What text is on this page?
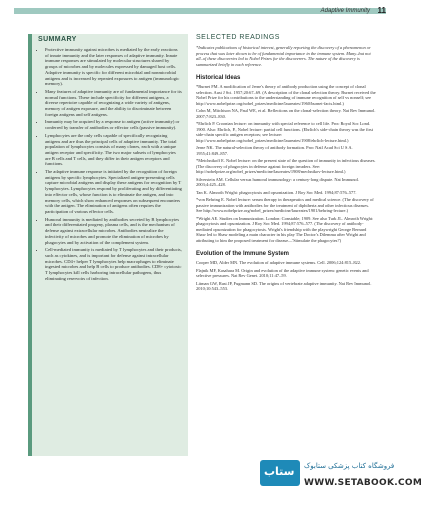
Adaptive Immunity 11
SUMMARY
• Protective immunity against microbes is mediated by the early reactions of innate immunity and the later responses of adaptive immunity. Innate immune responses are stimulated by molecular structures shared by groups of microbes and by molecules expressed by damaged host cells. Adaptive immunity is specific for different microbial and nonmicrobial antigens and is increased by repeated exposures to antigen (immunologic memory).
• Many features of adaptive immunity are of fundamental importance for its normal functions. These include specificity for different antigens, a diverse repertoire capable of recognizing a wide variety of antigens, memory of antigen exposure, and the ability to discriminate between foreign antigens and self antigens.
• Immunity may be acquired by a response to antigen (active immunity) or conferred by transfer of antibodies or effector cells (passive immunity).
• Lymphocytes are the only cells capable of specifically recognizing antigens and are thus the principal cells of adaptive immunity. The total population of lymphocytes consists of many clones, each with a unique antigen receptor and specificity. The two major subsets of lymphocytes are B cells and T cells, and they differ in their antigen receptors and functions.
• The adaptive immune response is initiated by the recognition of foreign antigens by specific lymphocytes. Specialized antigen-presenting cells capture microbial antigens and display these antigens for recognition by T lymphocytes. Lymphocytes respond by proliferating and by differentiating into effector cells, whose function is to eliminate the antigen, and into memory cells, which show enhanced responses on subsequent encounters with the antigen. The elimination of antigens often requires the participation of various effector cells.
• Humoral immunity is mediated by antibodies secreted by B lymphocytes and their differentiated progeny, plasma cells, and is the mechanism of defense against extracellular microbes. Antibodies neutralize the infectivity of microbes and promote the elimination of microbes by phagocytes and by activation of the complement system.
• Cell-mediated immunity is mediated by T lymphocytes and their products, such as cytokines, and is important for defense against intracellular microbes. CD4+ helper T lymphocytes help macrophages to eliminate ingested microbes and help B cells to produce antibodies. CD8+ cytotoxic T lymphocytes kill cells harboring intracellular pathogens, thus eliminating reservoirs of infection.
SELECTED READINGS

*Indicates publications of historical interest, generally reporting the discovery of a phenomenon or process that was later shown to be of fundamental importance in the immune system. Many–but not all–of these discoveries led to Nobel Prizes for the discoverers. The nature of the discovery is summarized briefly in each reference.

Historical Ideas

*Burnet FM. A modification of Jerne's theory of antibody production using the concept of clonal selection. Aust J Sci. 1957;20:67–69. (A description of the clonal selection theory. Burnet received the Nobel Prize for his contributions to the understanding of immune recognition of self vs nonself; see http://www.nobelprize.org/nobel_prizes/medicine/laureates/1960/burnet-facts.html.)

Cohn M, Mitchison NA, Paul WE, et al. Reflections on the clonal-selection theory. Nat Rev Immunol. 2007;7:823–830.

*Ehrlich P. Croonian lecture: on immunity with special reference to cell life. Proc Royal Soc Lond. 1900. Also: Ehrlich, P., Nobel lecture: partial cell functions. (Ehrlich's side-chain theory was the first side-chain specific antigen receptors; see lecture: http://www.nobelprize.org/nobel_prizes/medicine/laureates/1908/ehrlich-lecture.html.)

Jerne NK. The natural-selection theory of antibody formation. Proc Natl Acad Sci U S A. 1955;41:849–857.

*Metchnikoff E. Nobel lecture: on the present state of the question of immunity in infectious diseases. (The discovery of phagocytes in defense against foreign invaders. See: http://nobelprize.org/nobel_prizes/medicine/laureates/1908/mechnikov-lecture.html.)

Silverstein AM. Cellular versus humoral immunology: a century-long dispute. Nat Immunol. 2003;4:425–428.

Tan K. Almroth Wright: phagocytosis and opsonization. J Roy Soc Med. 1994;87:576–577.

*von Behring E. Nobel lecture: serum therapy in therapeutics and medical science. (The discovery of passive immunization with antibodies for the treatment of diphtheria and other infectious diseases. See http://www.nobelprize.org/nobel_prizes/medicine/laureates/1901/behring-lecture.)

*Wright AE. Studies on Immunization. London: Constable; 1909. See also Turk JL. Almroth Wright: phagocytosis and opsonization. J Roy Soc Med. 1994;87:576–577. (The discovery of antibody-mediated opsonization for phagocytosis. Wright's friendship with the playwright George Bernard Shaw led to Shaw modeling a main character in his play The Doctor's Dilemma after Wright and attributing to him the proposed treatment for disease—'Stimulate the phagocytes!')

Evolution of the Immune System

Cooper MD, Alder MN. The evolution of adaptive immune systems. Cell. 2006;124:815–822.

Flajnik MF, Kasahara M. Origin and evolution of the adaptive immune system: genetic events and selective pressures. Nat Rev Genet. 2010;11:47–59.

Litman GW, Rast JP, Fugmann SD. The origins of vertebrate adaptive immunity. Nat Rev Immunol. 2010;10:543–553.

ستاب فروشگاه کتاب پزشکی ستابوک
WWW.SETABOOK.COM
